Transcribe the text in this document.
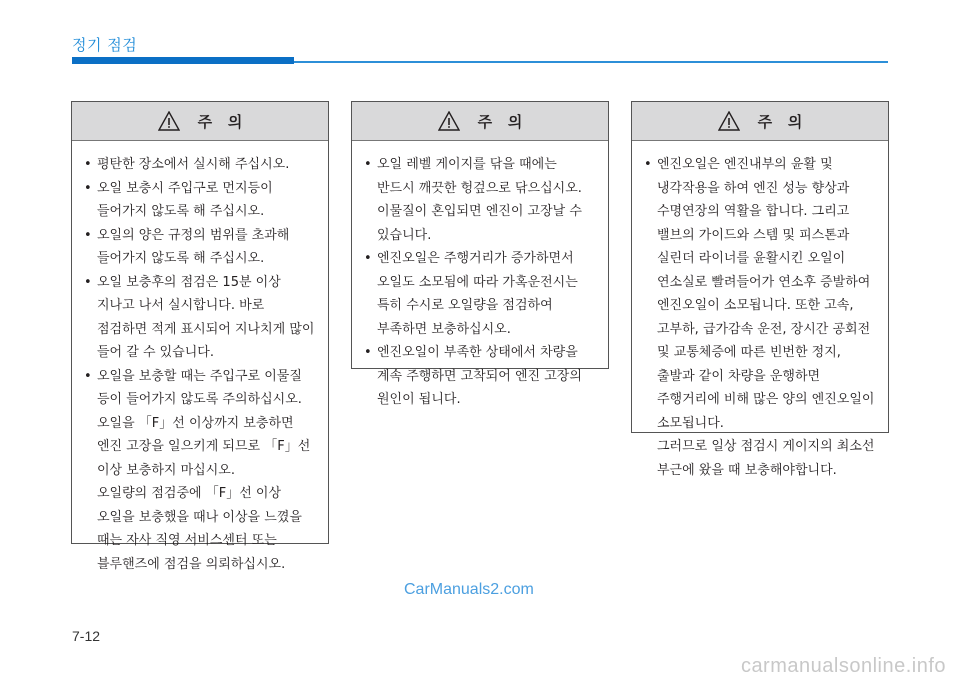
정기 점검
주   의
• 평탄한 장소에서 실시해 주십시오.
• 오일 보충시 주입구로 먼지등이 들어가지 않도록 해 주십시오.
• 오일의 양은 규정의 범위를 초과해 들어가지 않도록 해 주십시오.
• 오일 보충후의 점검은 15분 이상 지나고 나서 실시합니다. 바로 점검하면 적게 표시되어 지나치게 많이 들어 갈 수 있습니다.
• 오일을 보충할 때는 주입구로 이물질 등이 들어가지 않도록 주의하십시오. 오일을 「F」선 이상까지 보충하면 엔진 고장을 일으키게 되므로 「F」선 이상 보충하지 마십시오.
오일량의 점검중에 「F」선 이상 오일을 보충했을 때나 이상을 느꼈을 때는 자사 직영 서비스센터 또는 블루핸즈에 점검을 의뢰하십시오.
주   의
• 오일 레벨 게이지를 닦을 때에는 반드시 깨끗한 헝겊으로 닦으십시오. 이물질이 혼입되면 엔진이 고장날 수 있습니다.
• 엔진오일은 주행거리가 증가하면서 오일도 소모됨에 따라 가혹운전시는 특히 수시로 오일량을 점검하여 부족하면 보충하십시오.
• 엔진오일이 부족한 상태에서 차량을 계속 주행하면 고착되어 엔진 고장의 원인이 됩니다.
주   의
• 엔진오일은 엔진내부의 윤활 및 냉각작용을 하여 엔진 성능 향상과 수명연장의 역활을 합니다. 그리고 밸브의 가이드와 스템 및 피스톤과 실린더 라이너를 윤활시킨 오일이 연소실로 빨려들어가 연소후 증발하여 엔진오일이 소모됩니다. 또한 고속, 고부하, 급가감속 운전, 장시간 공회전 및 교통체증에 따른 빈번한 정지, 출발과 같이 차량을 운행하면 주행거리에 비해 많은 양의 엔진오일이 소모됩니다.
그러므로 일상 점검시 게이지의 최소선 부근에 왔을 때 보충해야합니다.
CarManuals2.com
7-12
carmanualsonline.info
